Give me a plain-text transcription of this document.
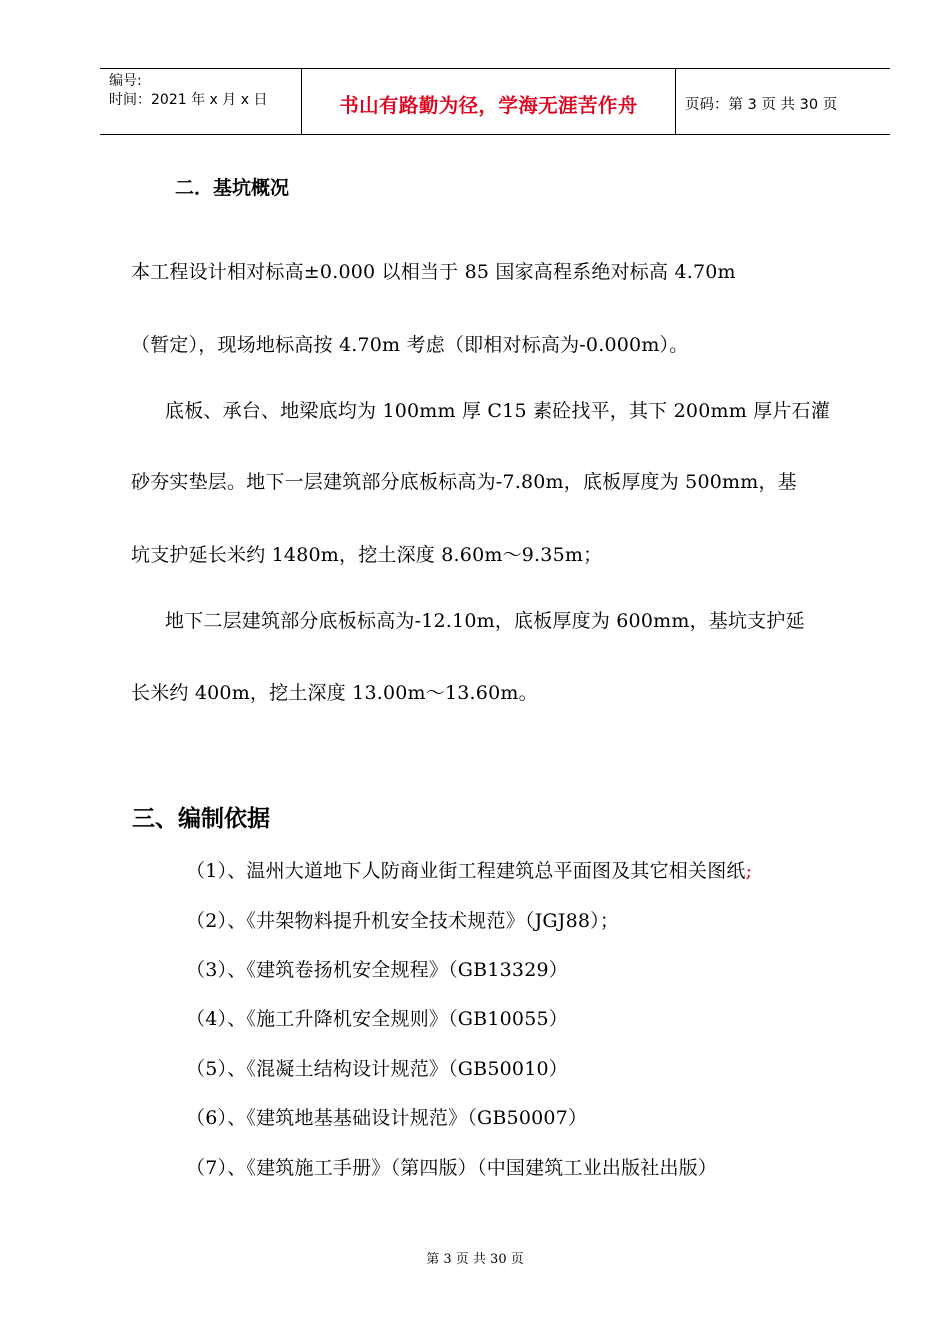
编号:
时间：2021 年 x 月 x 日	书山有路勤为径，学海无涯苦作舟	页码：第 3 页 共 30 页
二．基坑概况
本工程设计相对标高±0.000 以相当于 85 国家高程系绝对标高 4.70m
（暂定），现场地标高按 4.70m 考虑（即相对标高为-0.000m）。
底板、承台、地梁底均为 100mm 厚 C15 素砼找平，其下 200mm 厚片石灌
砂夯实垫层。地下一层建筑部分底板标高为-7.80m，底板厚度为 500mm，基
坑支护延长米约 1480m，挖土深度 8.60m～9.35m；
地下二层建筑部分底板标高为-12.10m，底板厚度为 600mm，基坑支护延
长米约 400m，挖土深度 13.00m～13.60m。
三、编制依据
（1）、温州大道地下人防商业街工程建筑总平面图及其它相关图纸;
（2）、《井架物料提升机安全技术规范》（JGJ88）；
（3）、《建筑卷扬机安全规程》（GB13329）
（4）、《施工升降机安全规则》（GB10055）
（5）、《混凝土结构设计规范》（GB50010）
（6）、《建筑地基基础设计规范》（GB50007）
（7）、《建筑施工手册》（第四版）（中国建筑工业出版社出版）
第 3 页 共 30 页
